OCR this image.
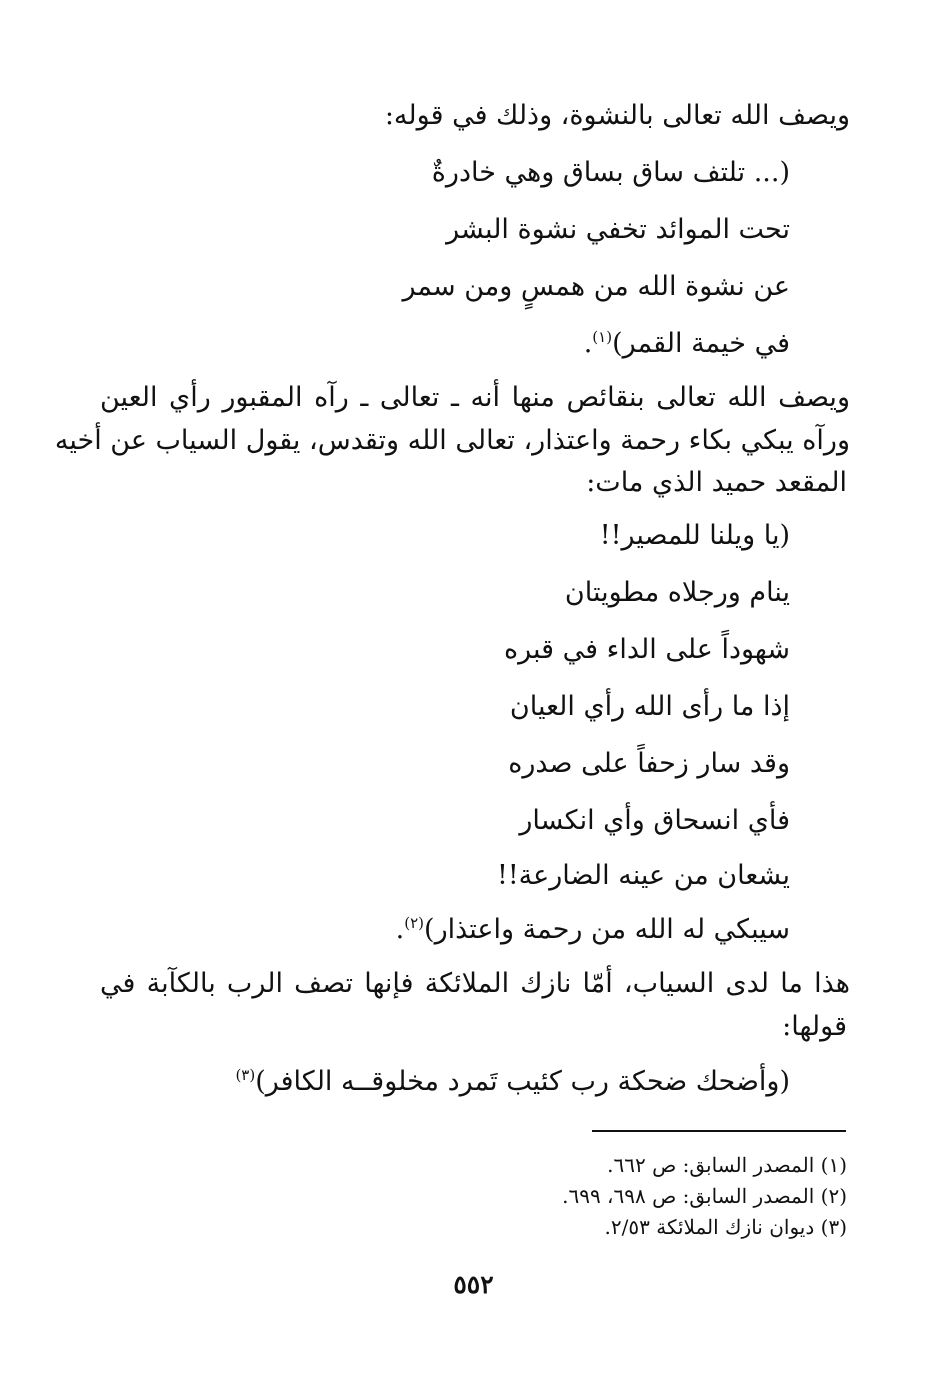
ويصف الله تعالى بالنشوة، وذلك في قوله:
(... تلتف ساق بساق وهي خادرةٌ
تحت الموائد تخفي نشوة البشر
عن نشوة الله من همسٍ ومن سمر
في خيمة القمر)$^{(١)}$.
ويصف الله تعالى بنقائص منها أنه ـ تعالى ـ رآه المقبور رأي العين
ورآه يبكي بكاء رحمة واعتذار، تعالى الله وتقدس، يقول السياب عن أخيه
المقعد حميد الذي مات:
(يا ويلنا للمصير!!
ينام ورجلاه مطويتان
شهوداً على الداء في قبره
إذا ما رأى الله رأي العيان
وقد سار زحفاً على صدره
فأي انسحاق وأي انكسار
يشعان من عينه الضارعة!!
سيبكي له الله من رحمة واعتذار)$^{(٢)}$.
هذا ما لدى السياب، أمّا نازك الملائكة فإنها تصف الرب بالكآبة في
قولها:
(وأضحك ضحكة رب كئيب تَمرد مخلوقــه الكافر)$^{(٣)}$
(١) المصدر السابق: ص ٦٦٢.
(٢) المصدر السابق: ص ٦٩٨، ٦٩٩.
(٣) ديوان نازك الملائكة ٢/٥٣.
٥٥٢
